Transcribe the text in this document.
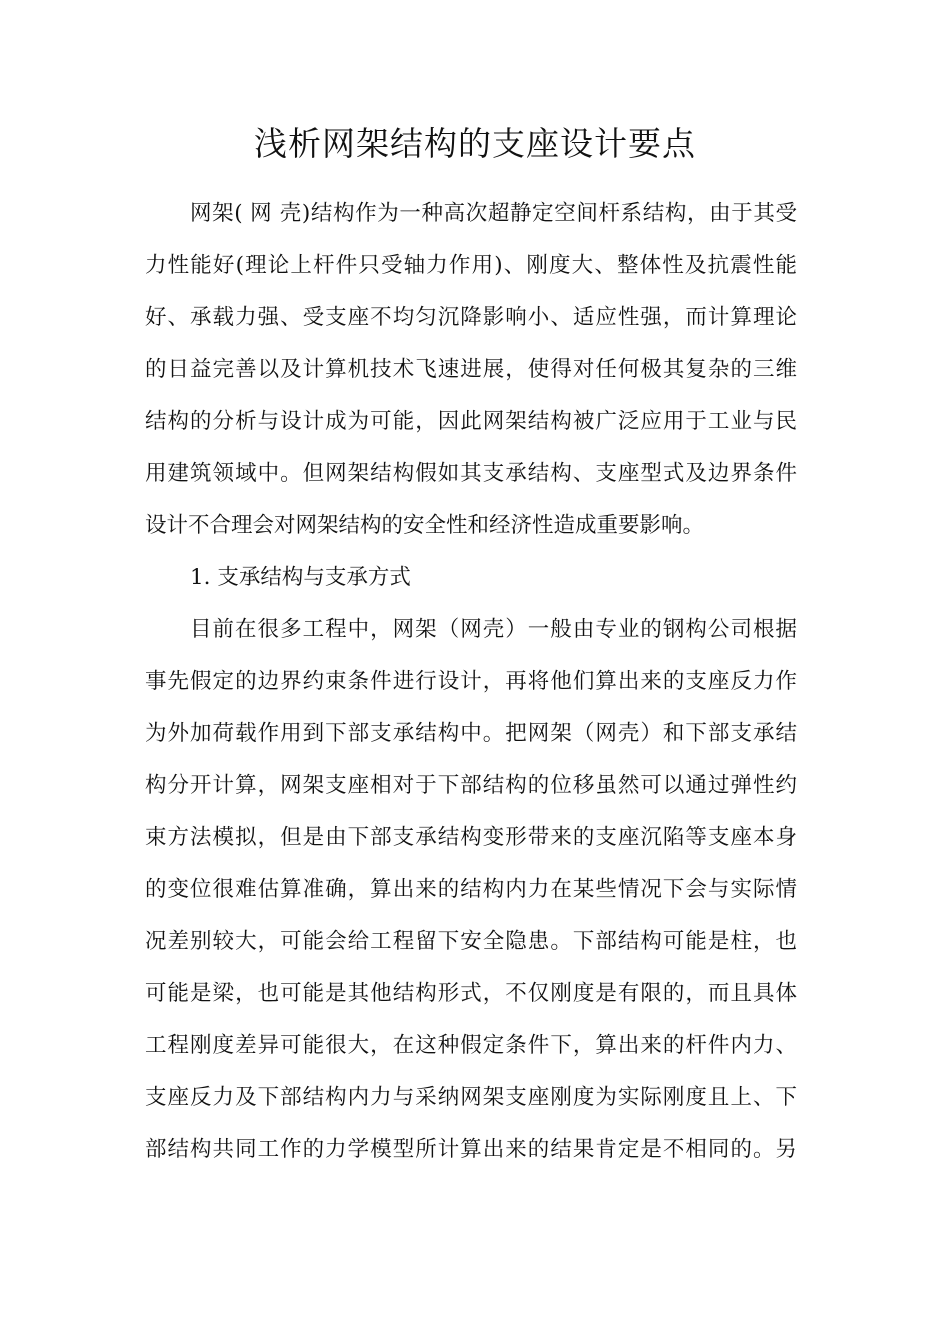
浅析网架结构的支座设计要点
网架( 网 壳)结构作为一种高次超静定空间杆系结构，由于其受
力性能好(理论上杆件只受轴力作用)、刚度大、整体性及抗震性能
好、承载力强、受支座不均匀沉降影响小、适应性强，而计算理论
的日益完善以及计算机技术飞速进展，使得对任何极其复杂的三维
结构的分析与设计成为可能，因此网架结构被广泛应用于工业与民
用建筑领域中。但网架结构假如其支承结构、支座型式及边界条件
设计不合理会对网架结构的安全性和经济性造成重要影响。
1. 支承结构与支承方式
目前在很多工程中，网架（网壳）一般由专业的钢构公司根据
事先假定的边界约束条件进行设计，再将他们算出来的支座反力作
为外加荷载作用到下部支承结构中。把网架（网壳）和下部支承结
构分开计算，网架支座相对于下部结构的位移虽然可以通过弹性约
束方法模拟，但是由下部支承结构变形带来的支座沉陷等支座本身
的变位很难估算准确，算出来的结构内力在某些情况下会与实际情
况差别较大，可能会给工程留下安全隐患。下部结构可能是柱，也
可能是梁，也可能是其他结构形式，不仅刚度是有限的，而且具体
工程刚度差异可能很大，在这种假定条件下，算出来的杆件内力、
支座反力及下部结构内力与采纳网架支座刚度为实际刚度且上、下
部结构共同工作的力学模型所计算出来的结果肯定是不相同的。另
